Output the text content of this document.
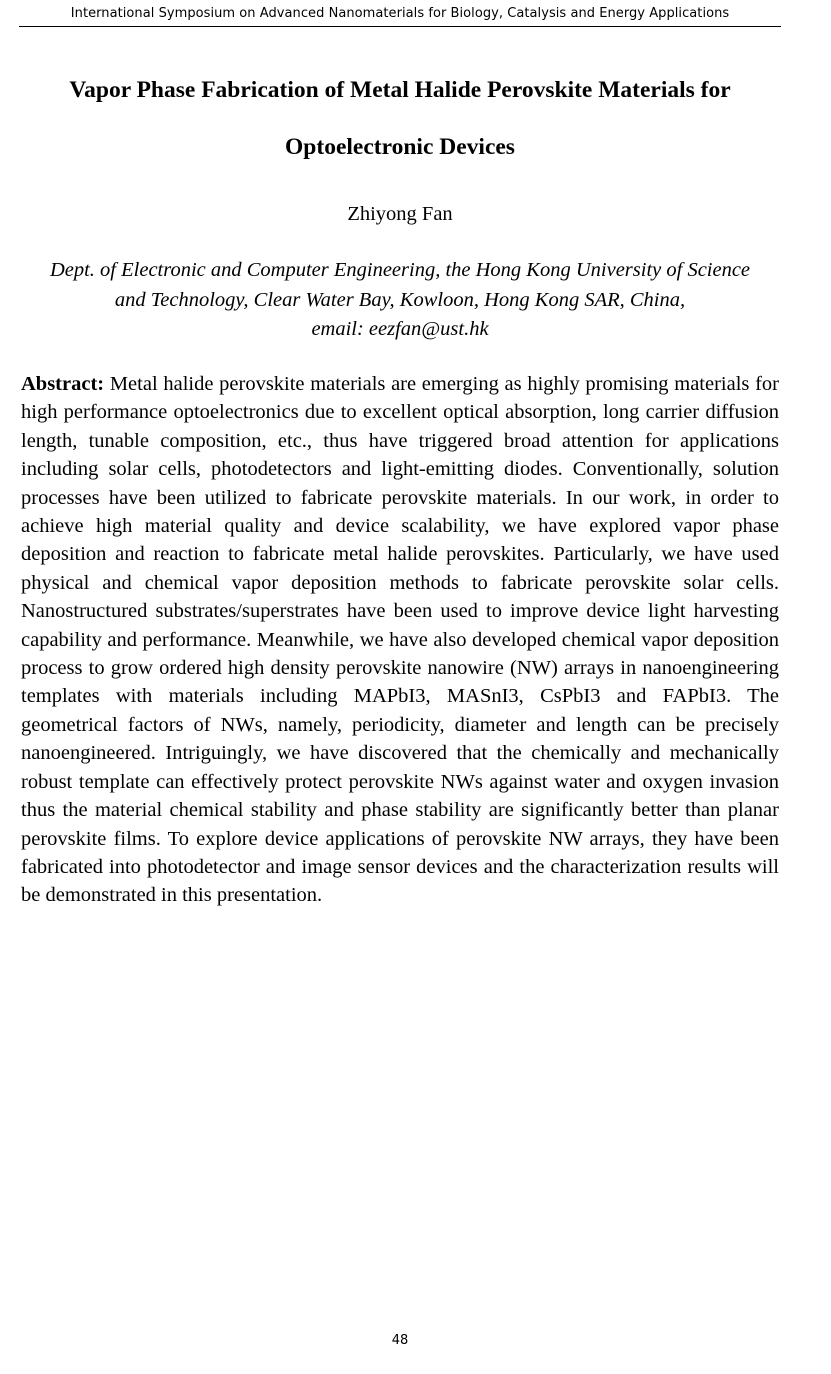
International Symposium on Advanced Nanomaterials for Biology, Catalysis and Energy Applications
Vapor Phase Fabrication of Metal Halide Perovskite Materials for
Optoelectronic Devices
Zhiyong Fan
Dept. of Electronic and Computer Engineering, the Hong Kong University of Science
and Technology, Clear Water Bay, Kowloon, Hong Kong SAR, China,
email: eezfan@ust.hk

Abstract: Metal halide perovskite materials are emerging as highly promising materials for high performance optoelectronics due to excellent optical absorption, long carrier diffusion length, tunable composition, etc., thus have triggered broad attention for applications including solar cells, photodetectors and light-emitting diodes. Conventionally, solution processes have been utilized to fabricate perovskite materials. In our work, in order to achieve high material quality and device scalability, we have explored vapor phase deposition and reaction to fabricate metal halide perovskites. Particularly, we have used physical and chemical vapor deposition methods to fabricate perovskite solar cells. Nanostructured substrates/superstrates have been used to improve device light harvesting capability and performance. Meanwhile, we have also developed chemical vapor deposition process to grow ordered high density perovskite nanowire (NW) arrays in nanoengineering templates with materials including MAPbI3, MASnI3, CsPbI3 and FAPbI3. The geometrical factors of NWs, namely, periodicity, diameter and length can be precisely nanoengineered. Intriguingly, we have discovered that the chemically and mechanically robust template can effectively protect perovskite NWs against water and oxygen invasion thus the material chemical stability and phase stability are significantly better than planar perovskite films. To explore device applications of perovskite NW arrays, they have been fabricated into photodetector and image sensor devices and the characterization results will be demonstrated in this presentation.

48
